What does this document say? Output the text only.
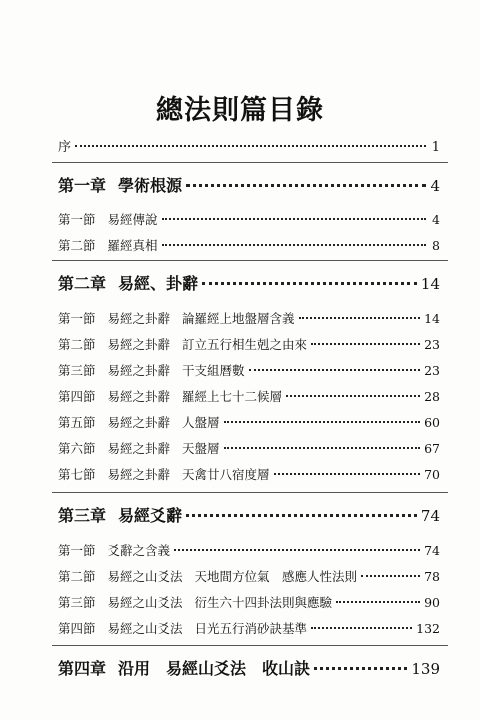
總法則篇目錄
序	1
第一章 學術根源	4
第一節 易經傳說	4
第二節 羅經真相	8
第二章 易經、卦辭	14
第一節 易經之卦辭 論羅經上地盤層含義	14
第二節 易經之卦辭 訂立五行相生剋之由來	23
第三節 易經之卦辭 干支組曆數	23
第四節 易經之卦辭 羅經上七十二候層	28
第五節 易經之卦辭 人盤層	60
第六節 易經之卦辭 天盤層	67
第七節 易經之卦辭 天禽廿八宿度層	70
第三章 易經爻辭	74
第一節 爻辭之含義	74
第二節 易經之山爻法 天地間方位氣　感應人性法則	78
第三節 易經之山爻法 衍生六十四卦法則與應驗	90
第四節 易經之山爻法 日光五行消砂訣基準	132
第四章 沿用　易經山爻法　收山訣	139
